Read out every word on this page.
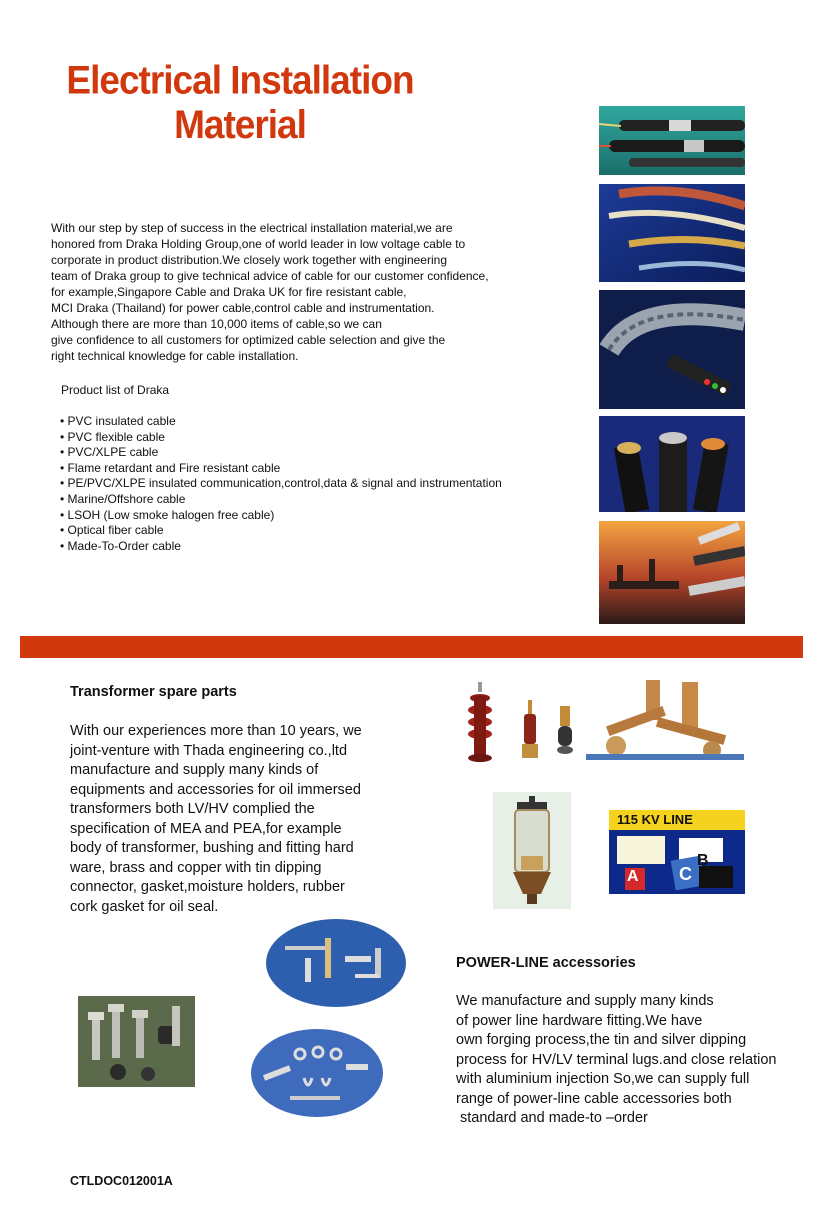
Electrical Installation
Material
With our step by step of success in the electrical installation material,we are
honored from Draka Holding Group,one of world leader in low voltage cable to
corporate in product distribution.We closely work together with engineering
team of Draka group to give technical advice of cable for our customer confidence,
for example,Singapore Cable and Draka UK for fire resistant cable,
MCI Draka (Thailand) for power cable,control cable and instrumentation.
Although there are more than 10,000 items of cable,so we can
give confidence to all customers for optimized cable selection and give the
right technical knowledge for cable installation.
Product list of Draka
• PVC insulated cable
• PVC flexible cable
• PVC/XLPE cable
• Flame retardant and Fire resistant cable
• PE/PVC/XLPE insulated communication,control,data & signal and instrumentation
• Marine/Offshore cable
• LSOH (Low smoke halogen free cable)
• Optical fiber cable
• Made-To-Order cable
Transformer spare parts
With our experiences more than 10 years, we
joint-venture with Thada engineering co.,ltd
manufacture and supply many kinds of
equipments and accessories for oil immersed
transformers both LV/HV complied the
specification of MEA and PEA,for example
body of transformer, bushing and fitting hard
ware, brass and copper with tin dipping
connector, gasket,moisture holders, rubber
cork gasket for oil seal.
115 KV LINE
A
B
C
POWER-LINE accessories
We manufacture and supply many kinds
of power line hardware fitting.We have
own forging process,the tin and silver dipping
process for HV/LV terminal lugs.and close relation
with aluminium injection So,we can supply full
range of power-line cable accessories both
standard and made-to –order
CTLDOC012001A
